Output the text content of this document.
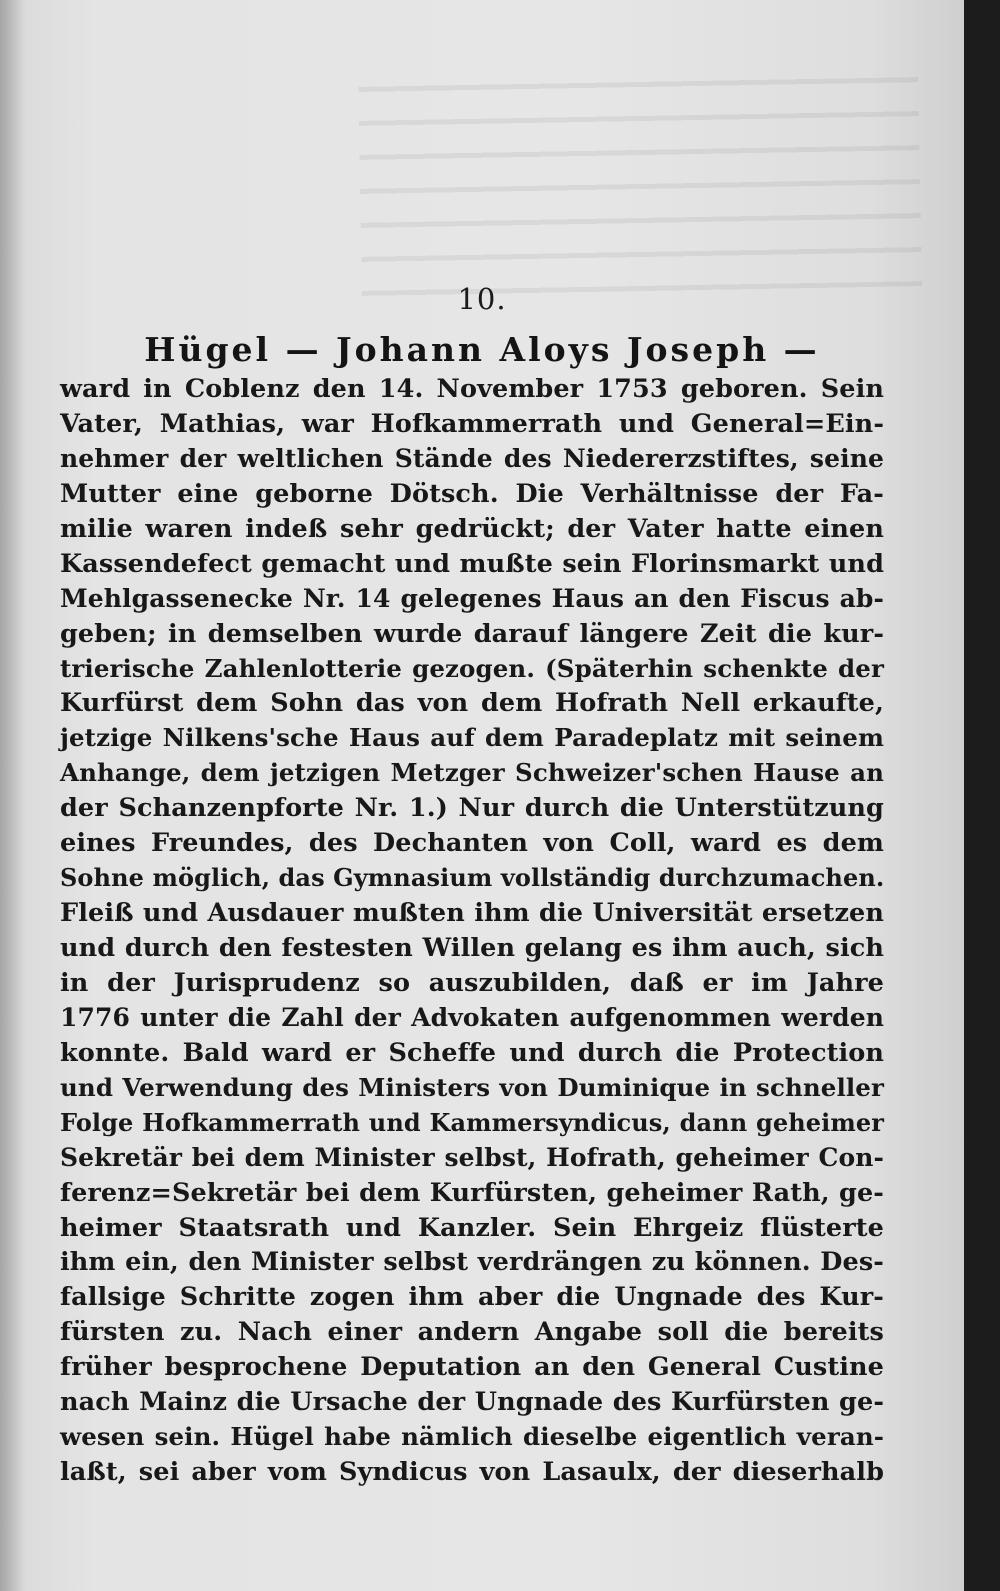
10.
Hügel — Johann Aloys Joseph —
ward in Coblenz den 14. November 1753 geboren. Sein
Vater, Mathias, war Hofkammerrath und General=Ein-
nehmer der weltlichen Stände des Niedererzstiftes, seine
Mutter eine geborne Dötsch. Die Verhältnisse der Fa-
milie waren indeß sehr gedrückt; der Vater hatte einen
Kassendefect gemacht und mußte sein Florinsmarkt und
Mehlgassenecke Nr. 14 gelegenes Haus an den Fiscus ab-
geben; in demselben wurde darauf längere Zeit die kur-
trierische Zahlenlotterie gezogen. (Späterhin schenkte der
Kurfürst dem Sohn das von dem Hofrath Nell erkaufte,
jetzige Nilkens'sche Haus auf dem Paradeplatz mit seinem
Anhange, dem jetzigen Metzger Schweizer'schen Hause an
der Schanzenpforte Nr. 1.) Nur durch die Unterstützung
eines Freundes, des Dechanten von Coll, ward es dem
Sohne möglich, das Gymnasium vollständig durchzumachen.
Fleiß und Ausdauer mußten ihm die Universität ersetzen
und durch den festesten Willen gelang es ihm auch, sich
in der Jurisprudenz so auszubilden, daß er im Jahre
1776 unter die Zahl der Advokaten aufgenommen werden
konnte. Bald ward er Scheffe und durch die Protection
und Verwendung des Ministers von Duminique in schneller
Folge Hofkammerrath und Kammersyndicus, dann geheimer
Sekretär bei dem Minister selbst, Hofrath, geheimer Con-
ferenz=Sekretär bei dem Kurfürsten, geheimer Rath, ge-
heimer Staatsrath und Kanzler. Sein Ehrgeiz flüsterte
ihm ein, den Minister selbst verdrängen zu können. Des-
fallsige Schritte zogen ihm aber die Ungnade des Kur-
fürsten zu. Nach einer andern Angabe soll die bereits
früher besprochene Deputation an den General Custine
nach Mainz die Ursache der Ungnade des Kurfürsten ge-
wesen sein. Hügel habe nämlich dieselbe eigentlich veran-
laßt, sei aber vom Syndicus von Lasaulx, der dieserhalb
